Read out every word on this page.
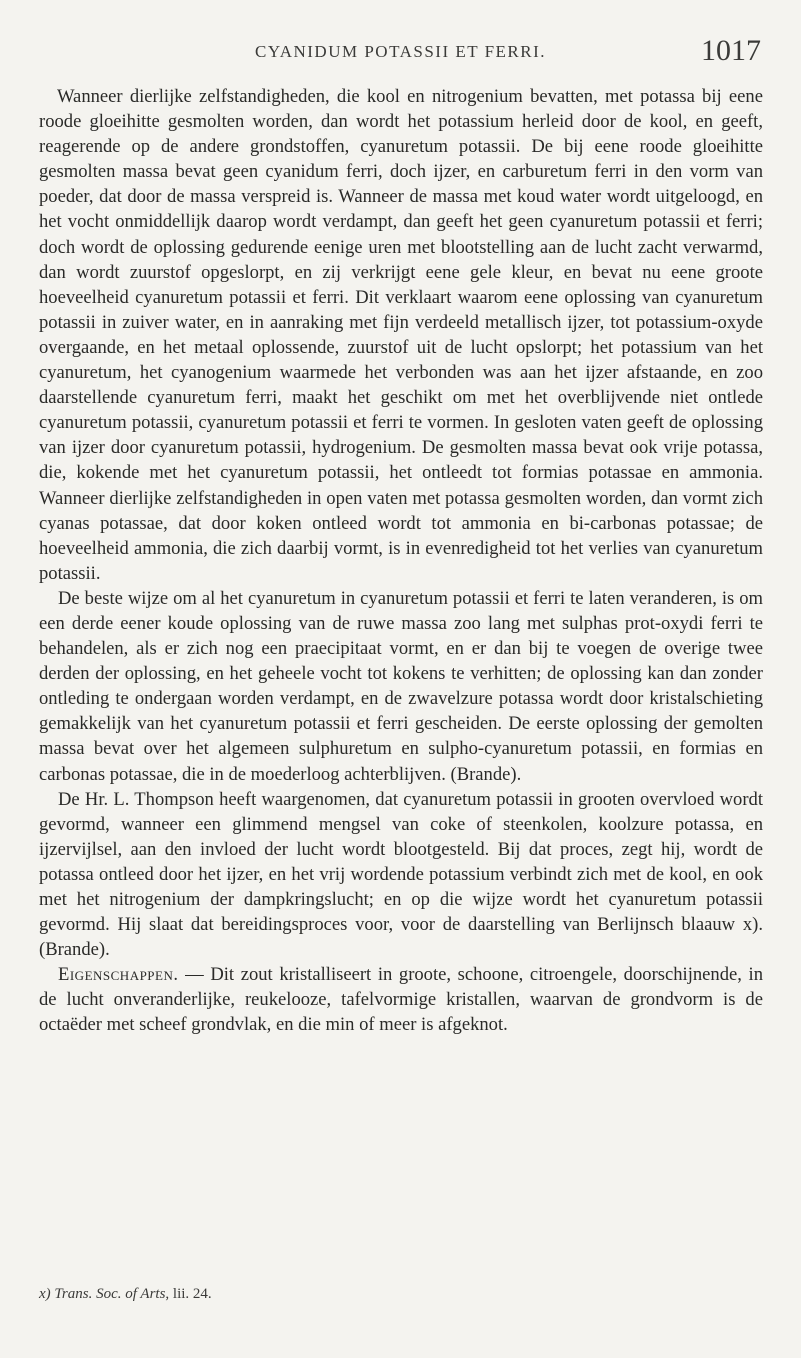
CYANIDUM POTASSII ET FERRI.	1017

Wanneer dierlijke zelfstandigheden, die kool en nitrogenium bevatten, met potassa bij eene roode gloeihitte gesmolten worden, dan wordt het potassium herleid door de kool, en geeft, reagerende op de andere grondstoffen, cyanuretum potassii. De bij eene roode gloeihitte gesmolten massa bevat geen cyanidum ferri, doch ijzer, en carburetum ferri in den vorm van poeder, dat door de massa verspreid is. Wanneer de massa met koud water wordt uitgeloogd, en het vocht onmiddellijk daarop wordt verdampt, dan geeft het geen cyanuretum potassii et ferri; doch wordt de oplossing gedurende eenige uren met blootstelling aan de lucht zacht verwarmd, dan wordt zuurstof opgeslorpt, en zij verkrijgt eene gele kleur, en bevat nu eene groote hoeveelheid cyanuretum potassii et ferri. Dit verklaart waarom eene oplossing van cyanuretum potassii in zuiver water, en in aanraking met fijn verdeeld metallisch ijzer, tot potassium-oxyde overgaande, en het metaal oplossende, zuurstof uit de lucht opslorpt; het potassium van het cyanuretum, het cyanogenium waarmede het verbonden was aan het ijzer afstaande, en zoo daarstellende cyanuretum ferri, maakt het geschikt om met het overblijvende niet ontlede cyanuretum potassii, cyanuretum potassii et ferri te vormen. In gesloten vaten geeft de oplossing van ijzer door cyanuretum potassii, hydrogenium. De gesmolten massa bevat ook vrije potassa, die, kokende met het cyanuretum potassii, het ontleedt tot formias potassae en ammonia. Wanneer dierlijke zelfstandigheden in open vaten met potassa gesmolten worden, dan vormt zich cyanas potassae, dat door koken ontleed wordt tot ammonia en bi-carbonas potassae; de hoeveelheid ammonia, die zich daarbij vormt, is in evenredigheid tot het verlies van cyanuretum potassii.

De beste wijze om al het cyanuretum in cyanuretum potassii et ferri te laten veranderen, is om een derde eener koude oplossing van de ruwe massa zoo lang met sulphas prot-oxydi ferri te behandelen, als er zich nog een praecipitaat vormt, en er dan bij te voegen de overige twee derden der oplossing, en het geheele vocht tot kokens te verhitten; de oplossing kan dan zonder ontleding te ondergaan worden verdampt, en de zwavelzure potassa wordt door kristalschieting gemakkelijk van het cyanuretum potassii et ferri gescheiden. De eerste oplossing der gemolten massa bevat over het algemeen sulphuretum en sulpho-cyanuretum potassii, en formias en carbonas potassae, die in de moederloog achterblijven. (Brande).

De Hr. L. Thompson heeft waargenomen, dat cyanuretum potassii in grooten overvloed wordt gevormd, wanneer een glimmend mengsel van coke of steenkolen, koolzure potassa, en ijzervijlsel, aan den invloed der lucht wordt blootgesteld. Bij dat proces, zegt hij, wordt de potassa ontleed door het ijzer, en het vrij wordende potassium verbindt zich met de kool, en ook met het nitrogenium der dampkringslucht; en op die wijze wordt het cyanuretum potassii gevormd. Hij slaat dat bereidingsproces voor, voor de daarstelling van Berlijnsch blaauw x). (Brande).

Eigenschappen. — Dit zout kristalliseert in groote, schoone, citroengele, doorschijnende, in de lucht onveranderlijke, reukelooze, tafelvormige kristallen, waarvan de grondvorm is de octaëder met scheef grondvlak, en die min of meer is afgeknot.

x) Trans. Soc. of Arts, lii. 24.
